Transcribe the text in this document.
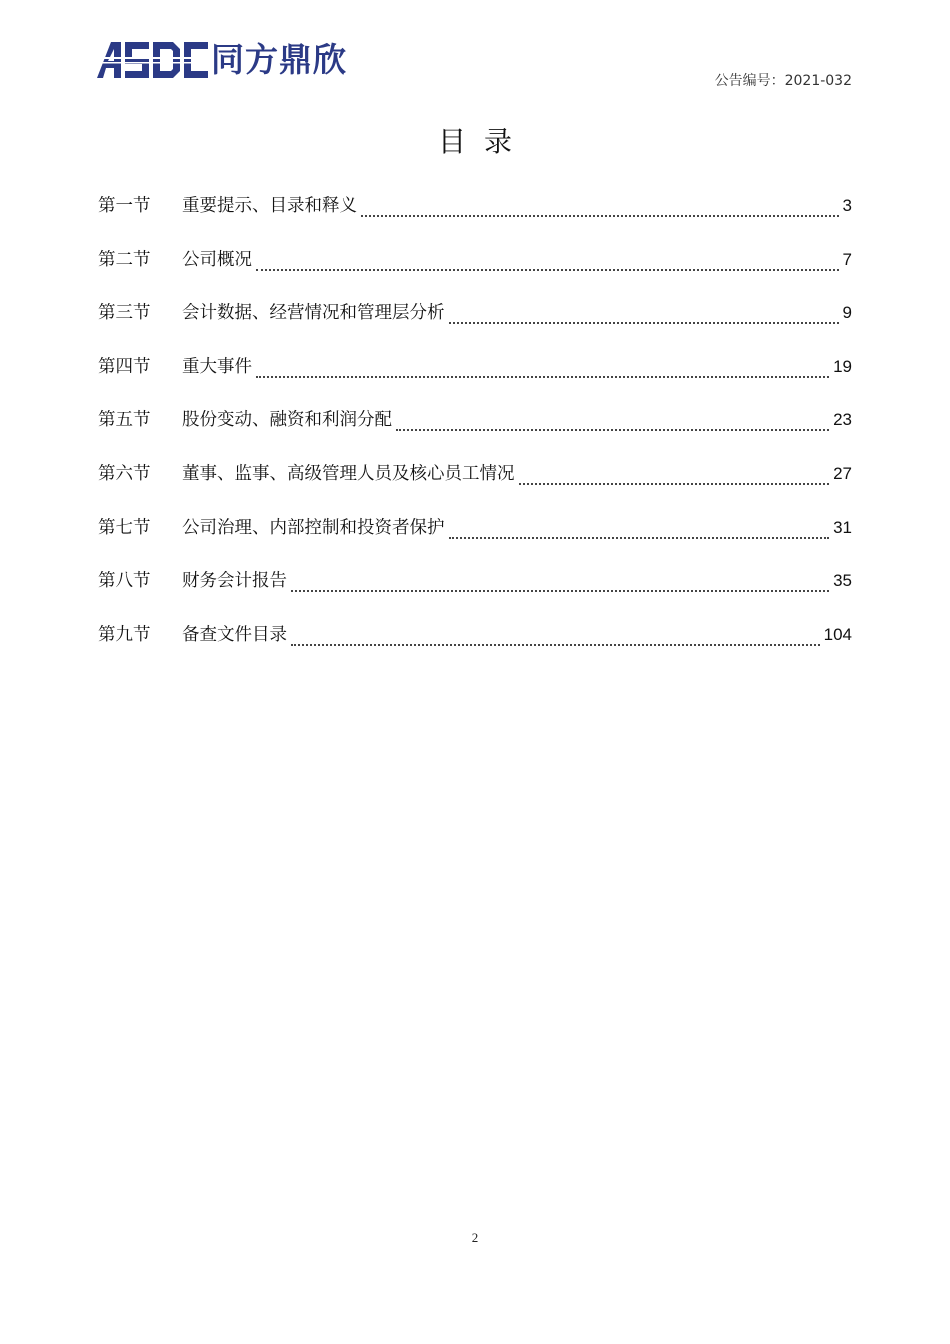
同方鼎欣
公告编号：2021-032
目录
第一节	重要提示、目录和释义	3
第二节	公司概况	7
第三节	会计数据、经营情况和管理层分析	9
第四节	重大事件	19
第五节	股份变动、融资和利润分配	23
第六节	董事、监事、高级管理人员及核心员工情况	27
第七节	公司治理、内部控制和投资者保护	31
第八节	财务会计报告	35
第九节	备查文件目录	104
2
